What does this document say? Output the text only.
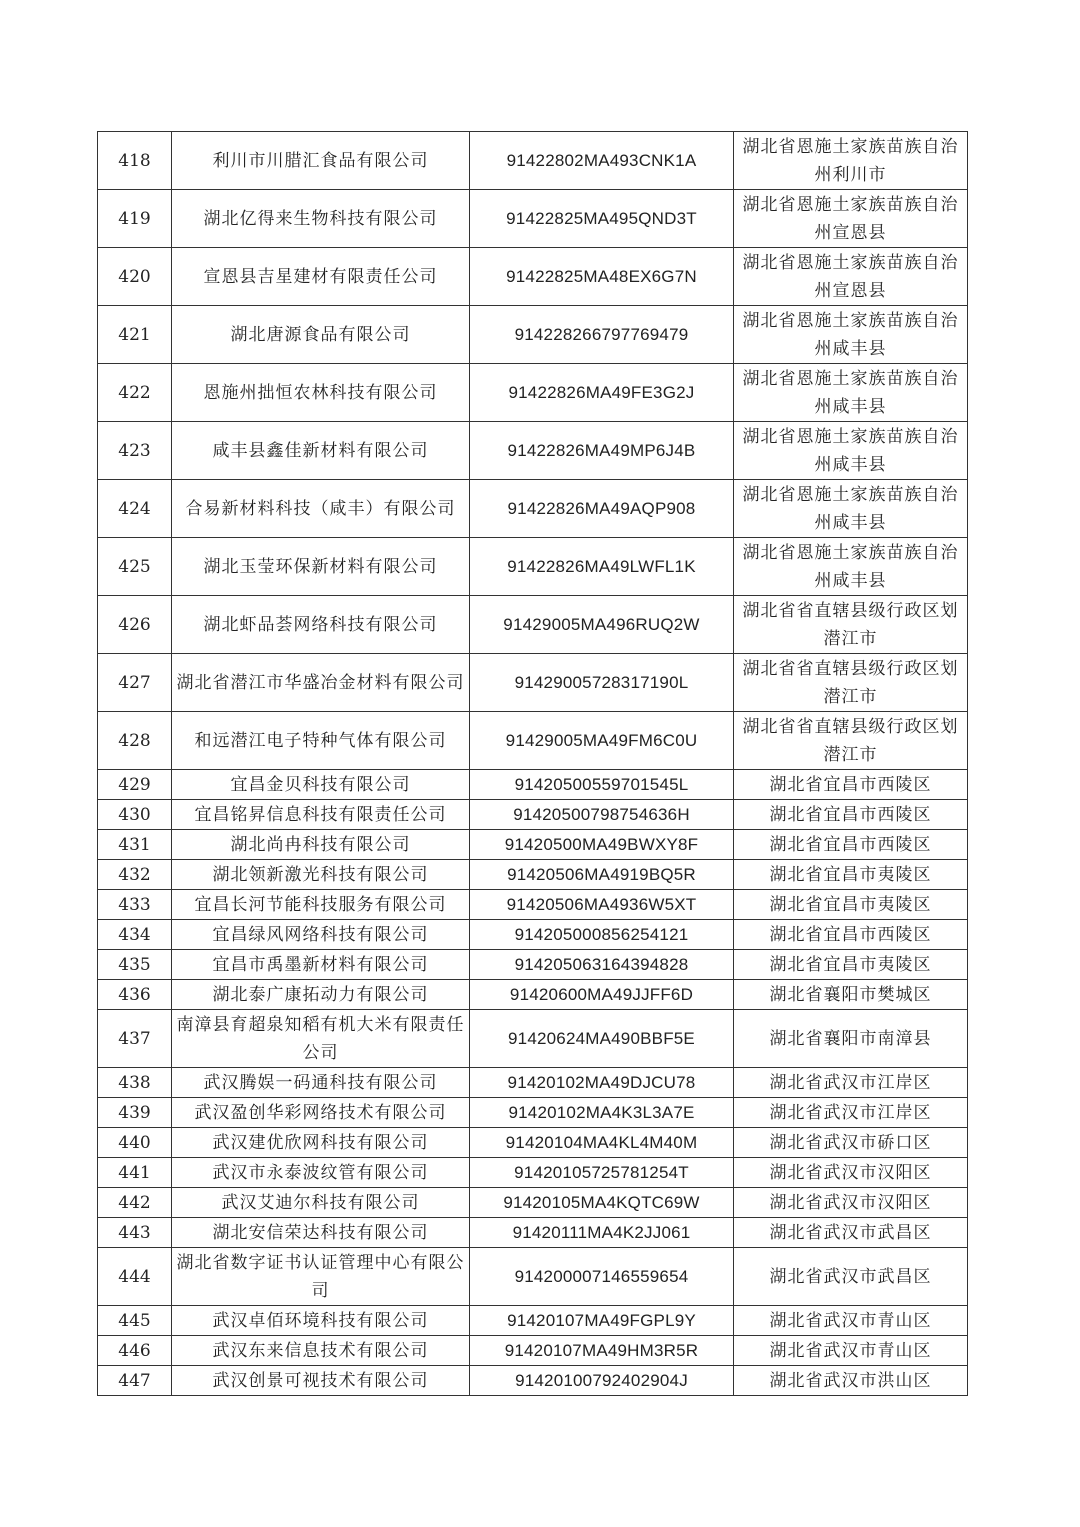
418	利川市川腊汇食品有限公司	91422802MA493CNK1A	湖北省恩施土家族苗族自治州利川市
419	湖北亿得来生物科技有限公司	91422825MA495QND3T	湖北省恩施土家族苗族自治州宣恩县
420	宣恩县吉星建材有限责任公司	91422825MA48EX6G7N	湖北省恩施土家族苗族自治州宣恩县
421	湖北唐源食品有限公司	914228266797769479	湖北省恩施土家族苗族自治州咸丰县
422	恩施州拙恒农林科技有限公司	91422826MA49FE3G2J	湖北省恩施土家族苗族自治州咸丰县
423	咸丰县鑫佳新材料有限公司	91422826MA49MP6J4B	湖北省恩施土家族苗族自治州咸丰县
424	合易新材料科技（咸丰）有限公司	91422826MA49AQP908	湖北省恩施土家族苗族自治州咸丰县
425	湖北玉莹环保新材料有限公司	91422826MA49LWFL1K	湖北省恩施土家族苗族自治州咸丰县
426	湖北虾品荟网络科技有限公司	91429005MA496RUQ2W	湖北省省直辖县级行政区划潜江市
427	湖北省潜江市华盛冶金材料有限公司	91429005728317190L	湖北省省直辖县级行政区划潜江市
428	和远潜江电子特种气体有限公司	91429005MA49FM6C0U	湖北省省直辖县级行政区划潜江市
429	宜昌金贝科技有限公司	91420500559701545L	湖北省宜昌市西陵区
430	宜昌铭昇信息科技有限责任公司	91420500798754636H	湖北省宜昌市西陵区
431	湖北尚冉科技有限公司	91420500MA49BWXY8F	湖北省宜昌市西陵区
432	湖北领新激光科技有限公司	91420506MA4919BQ5R	湖北省宜昌市夷陵区
433	宜昌长河节能科技服务有限公司	91420506MA4936W5XT	湖北省宜昌市夷陵区
434	宜昌绿风网络科技有限公司	914205000856254121	湖北省宜昌市西陵区
435	宜昌市禹墨新材料有限公司	914205063164394828	湖北省宜昌市夷陵区
436	湖北泰广康拓动力有限公司	91420600MA49JJFF6D	湖北省襄阳市樊城区
437	南漳县育超泉知稻有机大米有限责任公司	91420624MA490BBF5E	湖北省襄阳市南漳县
438	武汉腾娱一码通科技有限公司	91420102MA49DJCU78	湖北省武汉市江岸区
439	武汉盈创华彩网络技术有限公司	91420102MA4K3L3A7E	湖北省武汉市江岸区
440	武汉建优欣网科技有限公司	91420104MA4KL4M40M	湖北省武汉市硚口区
441	武汉市永泰波纹管有限公司	91420105725781254T	湖北省武汉市汉阳区
442	武汉艾迪尔科技有限公司	91420105MA4KQTC69W	湖北省武汉市汉阳区
443	湖北安信荣达科技有限公司	91420111MA4K2JJ061	湖北省武汉市武昌区
444	湖北省数字证书认证管理中心有限公司	914200007146559654	湖北省武汉市武昌区
445	武汉卓佰环境科技有限公司	91420107MA49FGPL9Y	湖北省武汉市青山区
446	武汉东来信息技术有限公司	91420107MA49HM3R5R	湖北省武汉市青山区
447	武汉创景可视技术有限公司	91420100792402904J	湖北省武汉市洪山区
